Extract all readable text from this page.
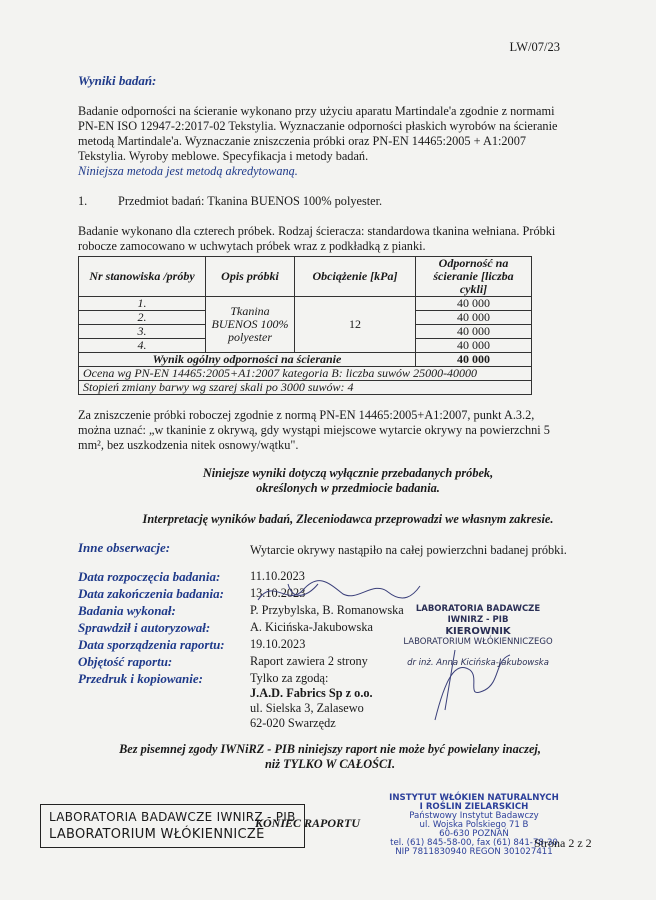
LW/07/23
Wyniki badań:
Badanie odporności na ścieranie wykonano przy użyciu aparatu Martindale'a zgodnie z normami PN-EN ISO 12947-2:2017-02 Tekstylia. Wyznaczanie odporności płaskich wyrobów na ścieranie metodą Martindale'a. Wyznaczanie zniszczenia próbki oraz PN-EN 14465:2005 + A1:2007 Tekstylia. Wyroby meblowe. Specyfikacja i metody badań.
Niniejsza metoda jest metodą akredytowaną.
1.	Przedmiot badań: Tkanina BUENOS 100% polyester.
Badanie wykonano dla czterech próbek. Rodzaj ścieracza: standardowa tkanina wełniana. Próbki robocze zamocowano w uchwytach próbek wraz z podkładką z pianki.
Nr stanowiska /próby	Opis próbki	Obciążenie [kPa]	Odporność na ścieranie [liczba cykli]
1.	Tkanina BUENOS 100% polyester	12	40 000
2.			40 000
3.			40 000
4.			40 000
Wynik ogólny odporności na ścieranie			40 000
Ocena wg PN-EN 14465:2005+A1:2007 kategoria B: liczba suwów 25000-40000			
Stopień zmiany barwy wg szarej skali po 3000 suwów: 4			
Za zniszczenie próbki roboczej zgodnie z normą PN-EN 14465:2005+A1:2007, punkt A.3.2, można uznać: „w tkaninie z okrywą, gdy wystąpi miejscowe wytarcie okrywy na powierzchni 5 mm², bez uszkodzenia nitek osnowy/wątku".
Niniejsze wyniki dotyczą wyłącznie przebadanych próbek,
określonych w przedmiocie badania.
Interpretację wyników badań, Zleceniodawca przeprowadzi we własnym zakresie.
Inne obserwacje:	Wytarcie okrywy nastąpiło na całej powierzchni badanej próbki.
Data rozpoczęcia badania: 11.10.2023
Data zakończenia badania: 13.10.2023
Badania wykonał:	P. Przybylska, B. Romanowska
Sprawdził i autoryzował:	A. Kicińska-Jakubowska
Data sporządzenia raportu: 19.10.2023
Objętość raportu:	Raport zawiera 2 strony
Przedruk i kopiowanie:	Tylko za zgodą:
J.A.D. Fabrics Sp z o.o.
ul. Sielska 3, Zalasewo
62-020 Swarzędz
LABORATORIA BADAWCZE IWNIRZ - PIB
KIEROWNIK
LABORATORIUM WŁÓKIENNICZEGO
dr inż. Anna Kicińska-Jakubowska
Bez pisemnej zgody IWNiRZ - PIB niniejszy raport nie może być powielany inaczej,
niż TYLKO W CAŁOŚCI.
LABORATORIA BADAWCZE IWNIRZ - PIB
LABORATORIUM WŁÓKIENNICZE
KONIEC RAPORTU
INSTYTUT WŁÓKIEN NATURALNYCH
I ROŚLIN ZIELARSKICH
Państwowy Instytut Badawczy
ul. Wojska Polskiego 71 B
60-630 POZNAŃ
tel. (61) 845-58-00, fax (61) 841-78-30
NIP 7811830940 REGON 301027411
Strona 2 z 2
